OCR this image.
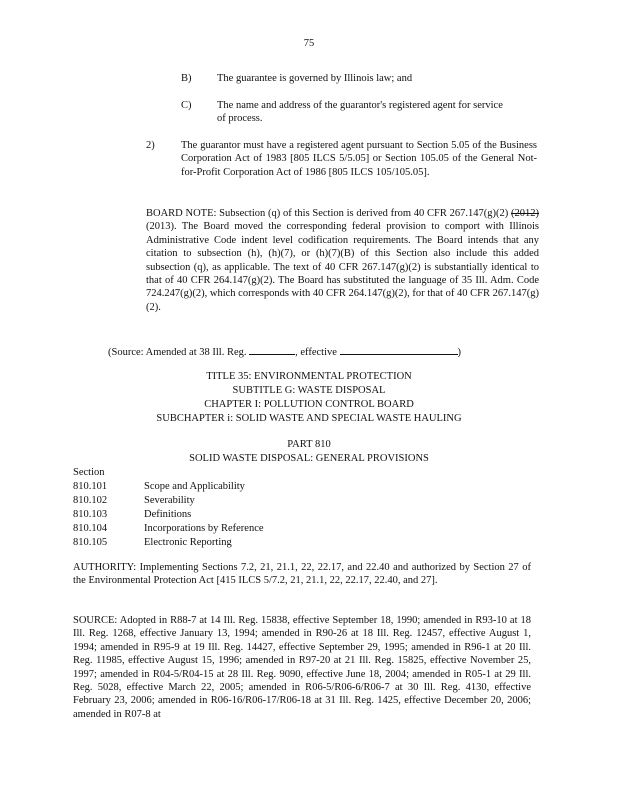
75
B) The guarantee is governed by Illinois law; and
C) The name and address of the guarantor's registered agent for service of process.
2)	The guarantor must have a registered agent pursuant to Section 5.05 of the Business Corporation Act of 1983 [805 ILCS 5/5.05] or Section 105.05 of the General Not-for-Profit Corporation Act of 1986 [805 ILCS 105/105.05].
BOARD NOTE: Subsection (q) of this Section is derived from 40 CFR 267.147(g)(2) (2012) (2013). The Board moved the corresponding federal provision to comport with Illinois Administrative Code indent level codification requirements. The Board intends that any citation to subsection (h), (h)(7), or (h)(7)(B) of this Section also include this added subsection (q), as applicable. The text of 40 CFR 267.147(g)(2) is substantially identical to that of 40 CFR 264.147(g)(2). The Board has substituted the language of 35 Ill. Adm. Code 724.247(g)(2), which corresponds with 40 CFR 264.147(g)(2), for that of 40 CFR 267.147(g)(2).
(Source: Amended at 38 Ill. Reg.	, effective	)
TITLE 35: ENVIRONMENTAL PROTECTION
SUBTITLE G: WASTE DISPOSAL
CHAPTER I: POLLUTION CONTROL BOARD
SUBCHAPTER i: SOLID WASTE AND SPECIAL WASTE HAULING
PART 810
SOLID WASTE DISPOSAL: GENERAL PROVISIONS
Section
810.101	Scope and Applicability
810.102	Severability
810.103	Definitions
810.104	Incorporations by Reference
810.105	Electronic Reporting
AUTHORITY: Implementing Sections 7.2, 21, 21.1, 22, 22.17, and 22.40 and authorized by Section 27 of the Environmental Protection Act [415 ILCS 5/7.2, 21, 21.1, 22, 22.17, 22.40, and 27].
SOURCE: Adopted in R88-7 at 14 Ill. Reg. 15838, effective September 18, 1990; amended in R93-10 at 18 Ill. Reg. 1268, effective January 13, 1994; amended in R90-26 at 18 Ill. Reg. 12457, effective August 1, 1994; amended in R95-9 at 19 Ill. Reg. 14427, effective September 29, 1995; amended in R96-1 at 20 Ill. Reg. 11985, effective August 15, 1996; amended in R97-20 at 21 Ill. Reg. 15825, effective November 25, 1997; amended in R04-5/R04-15 at 28 Ill. Reg. 9090, effective June 18, 2004; amended in R05-1 at 29 Ill. Reg. 5028, effective March 22, 2005; amended in R06-5/R06-6/R06-7 at 30 Ill. Reg. 4130, effective February 23, 2006; amended in R06-16/R06-17/R06-18 at 31 Ill. Reg. 1425, effective December 20, 2006; amended in R07-8 at
